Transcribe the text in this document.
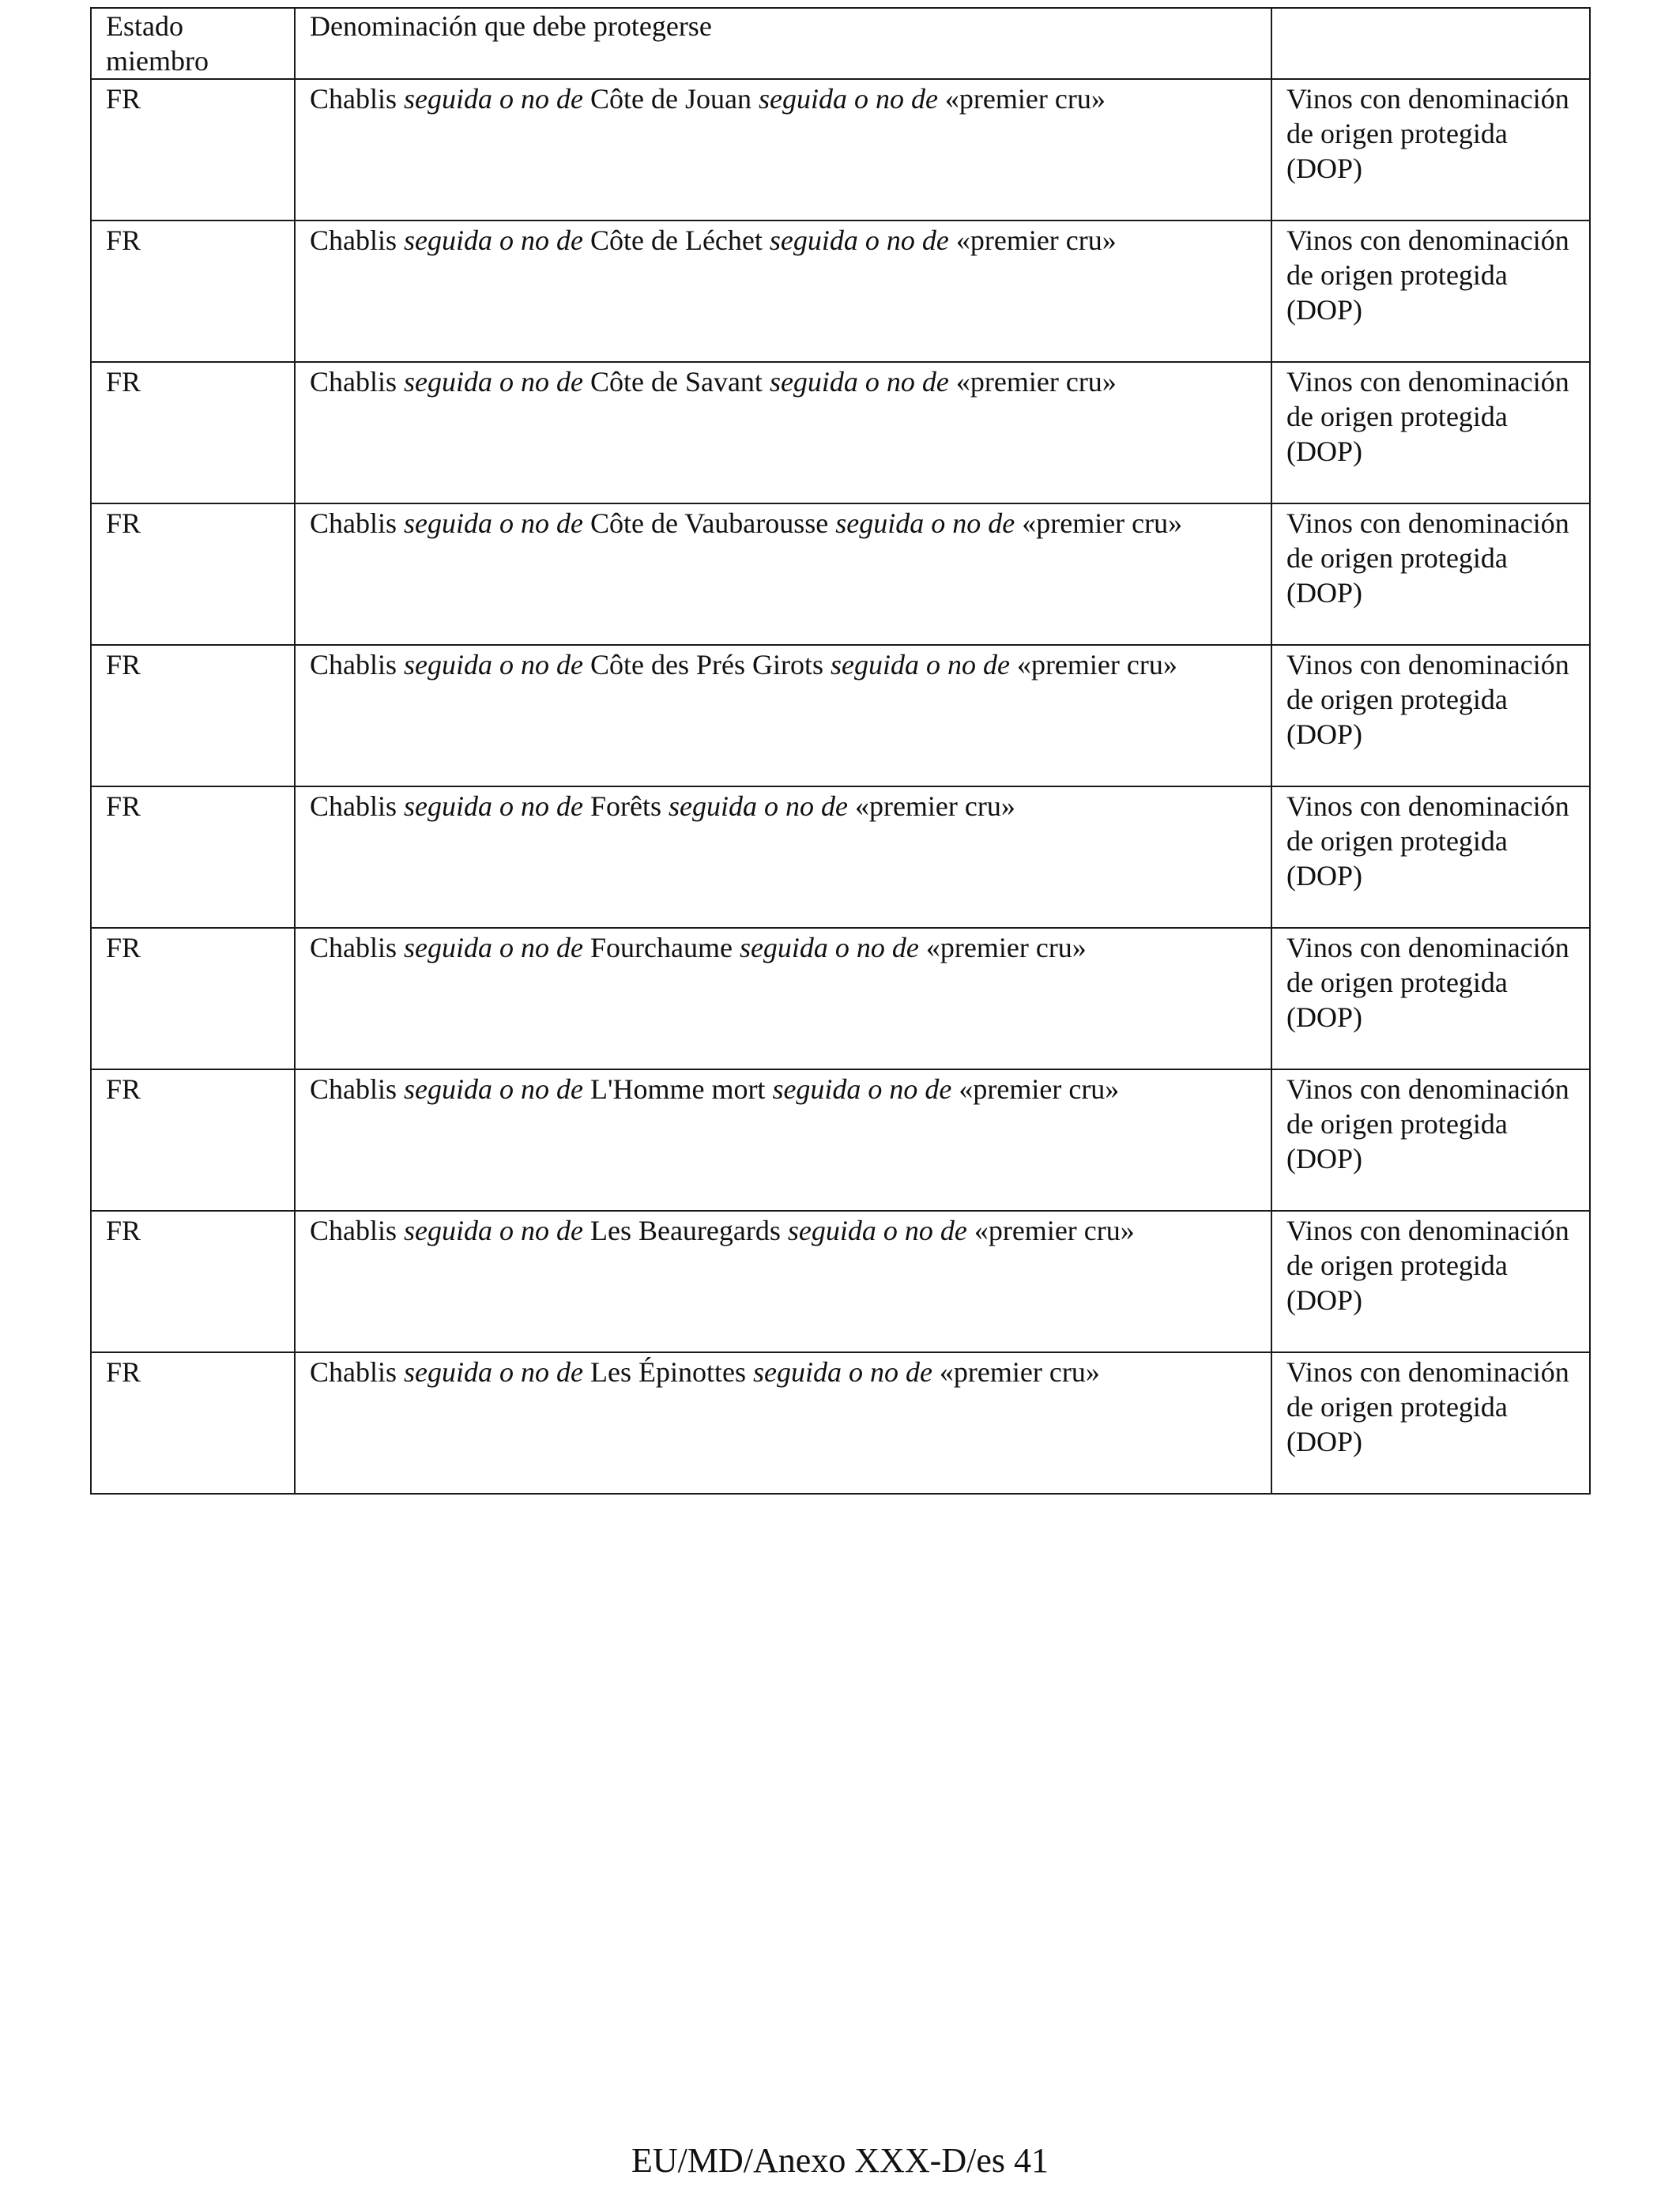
Estado miembro	Denominación que debe protegerse	
FR	Chablis seguida o no de Côte de Jouan seguida o no de «premier cru»	Vinos con denominación de origen protegida (DOP)
FR	Chablis seguida o no de Côte de Léchet seguida o no de «premier cru»	Vinos con denominación de origen protegida (DOP)
FR	Chablis seguida o no de Côte de Savant seguida o no de «premier cru»	Vinos con denominación de origen protegida (DOP)
FR	Chablis seguida o no de Côte de Vaubarousse seguida o no de «premier cru»	Vinos con denominación de origen protegida (DOP)
FR	Chablis seguida o no de Côte des Prés Girots seguida o no de «premier cru»	Vinos con denominación de origen protegida (DOP)
FR	Chablis seguida o no de Forêts seguida o no de «premier cru»	Vinos con denominación de origen protegida (DOP)
FR	Chablis seguida o no de Fourchaume seguida o no de «premier cru»	Vinos con denominación de origen protegida (DOP)
FR	Chablis seguida o no de L'Homme mort seguida o no de «premier cru»	Vinos con denominación de origen protegida (DOP)
FR	Chablis seguida o no de Les Beauregards seguida o no de «premier cru»	Vinos con denominación de origen protegida (DOP)
FR	Chablis seguida o no de Les Épinottes seguida o no de «premier cru»	Vinos con denominación de origen protegida (DOP)
EU/MD/Anexo XXX-D/es 41
